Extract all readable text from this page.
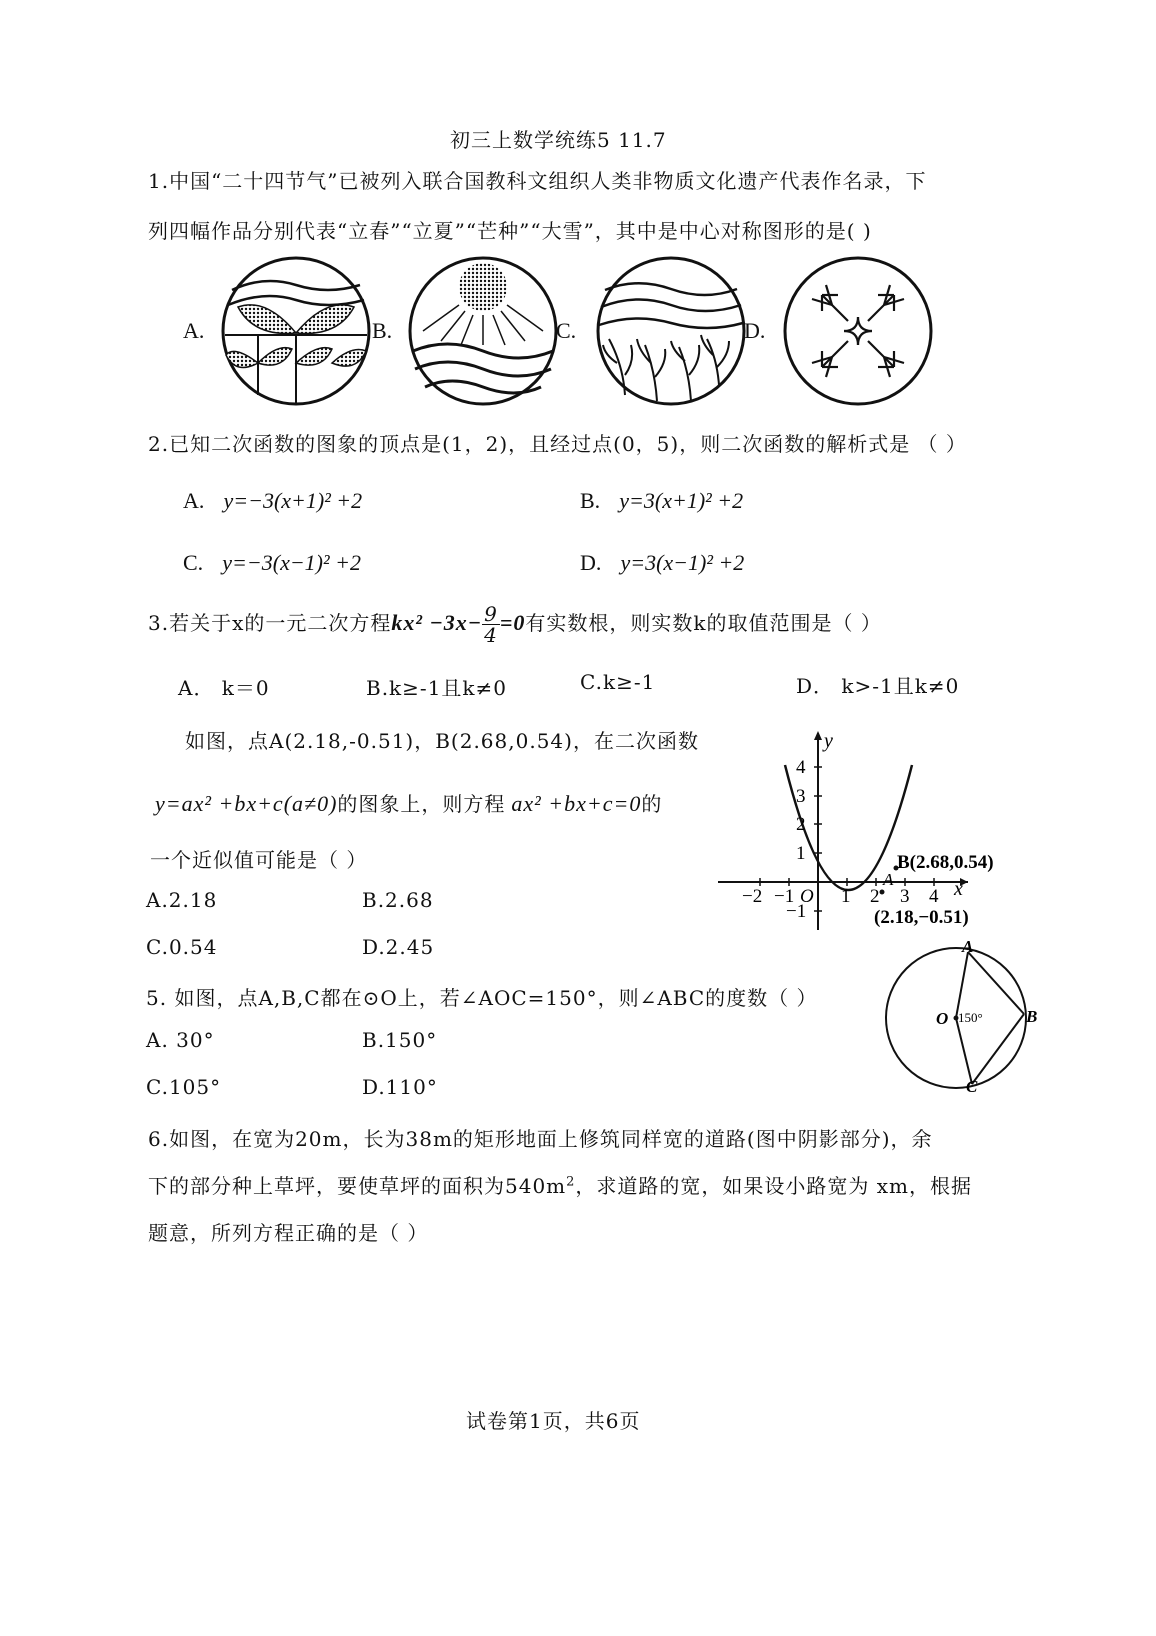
初三上数学统练5 11.7
1.中国“二十四节气”已被列入联合国教科文组织人类非物质文化遗产代表作名录，下
列四幅作品分别代表“立春”“立夏”“芒种”“大雪”，其中是中心对称图形的是( )
A.	B.	C.	D.
2.已知二次函数的图象的顶点是(1，2)，且经过点(0，5)，则二次函数的解析式是 （ ）
A. y=−3(x+1)² +2	B. y=3(x+1)² +2
C. y=−3(x−1)² +2	D. y=3(x−1)² +2
3.若关于x的一元二次方程$kx^2 -3x- \frac{9}{4} =0$有实数根，则实数k的取值范围是（ ）
A． k＝0	B.k≥-1且k≠0	C.k≥-1	D． k>-1且k≠0
如图，点A(2.18,-0.51)，B(2.68,0.54)，在二次函数
y=ax² +bx+c(a≠0)的图象上，则方程 ax² +bx+c=0的
一个近似值可能是（ ）
A.2.18	B.2.68
C.0.54	D.2.45
y
x
4
3
2
1
−1
−2 −1 O 1 2 3 4
B(2.68,0.54)
A
(2.18,−0.51)
5. 如图，点A,B,C都在⊙O上，若∠AOC=150°，则∠ABC的度数（ ）
A. 30°	B.150°
C.105°	D.110°
A
B
C
O 150°
6.如图，在宽为20m，长为38m的矩形地面上修筑同样宽的道路(图中阴影部分)，余
下的部分种上草坪，要使草坪的面积为$540m^2$，求道路的宽，如果设小路宽为 xm，根据
题意，所列方程正确的是（ ）
试卷第1页，共6页
